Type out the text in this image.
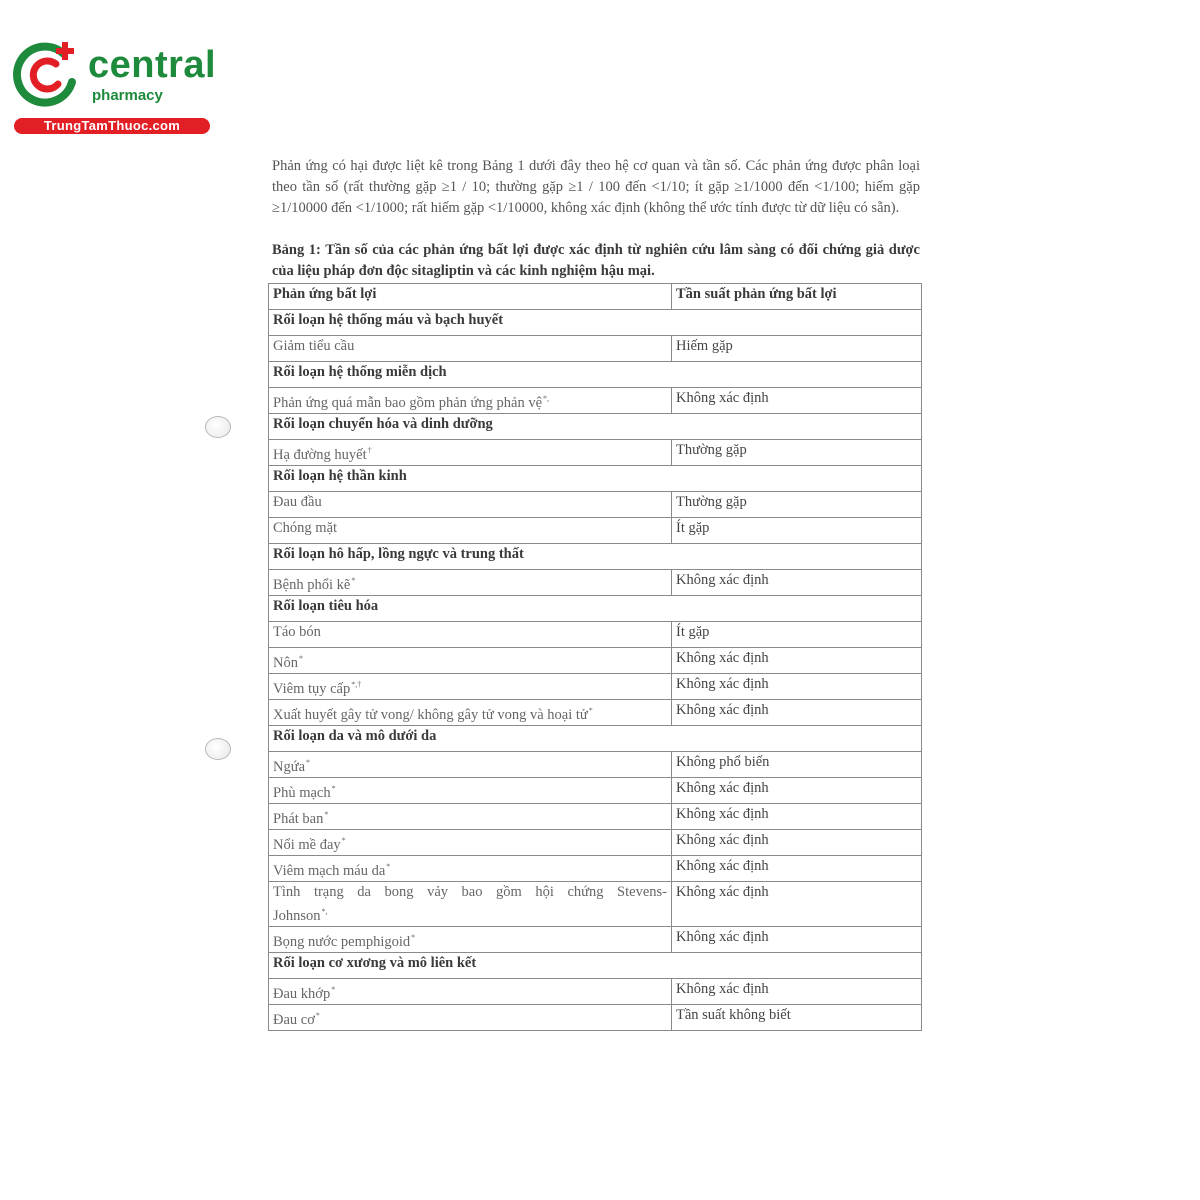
central
pharmacy
TrungTamThuoc.com
Phản ứng có hại được liệt kê trong Bảng 1 dưới đây theo hệ cơ quan và tần số. Các phản ứng được phân loại theo tần số (rất thường gặp ≥1 / 10; thường gặp ≥1 / 100 đến <1/10; ít gặp ≥1/1000 đến <1/100; hiếm gặp ≥1/10000 đến <1/1000; rất hiếm gặp <1/10000, không xác định (không thể ước tính được từ dữ liệu có sẵn).
Bảng 1: Tần số của các phản ứng bất lợi được xác định từ nghiên cứu lâm sàng có đối chứng giả dược của liệu pháp đơn độc sitagliptin và các kinh nghiệm hậu mại.
Phản ứng bất lợi	Tần suất phản ứng bất lợi
Rối loạn hệ thống máu và bạch huyết	
Giảm tiểu cầu	Hiếm gặp
Rối loạn hệ thống miễn dịch	
Phản ứng quá mẫn bao gồm phản ứng phản vệ*,	Không xác định
Rối loạn chuyển hóa và dinh dưỡng	
Hạ đường huyết†	Thường gặp
Rối loạn hệ thần kinh	
Đau đầu	Thường gặp
Chóng mặt	Ít gặp
Rối loạn hô hấp, lồng ngực và trung thất	
Bệnh phổi kẽ*	Không xác định
Rối loạn tiêu hóa	
Táo bón	Ít gặp
Nôn*	Không xác định
Viêm tụy cấp*,†	Không xác định
Xuất huyết gây tử vong/ không gây tử vong và hoại tử*	Không xác định
Rối loạn da và mô dưới da	
Ngứa*	Không phổ biến
Phù mạch*	Không xác định
Phát ban*	Không xác định
Nổi mề đay*	Không xác định
Viêm mạch máu da*	Không xác định

Tình trạng da bong vảy bao gồm hội chứng Stevens-
Johnson*,	Không xác định
Bọng nước pemphigoid*	Không xác định
Rối loạn cơ xương và mô liên kết	
Đau khớp*	Không xác định
Đau cơ*	Tần suất không biết
